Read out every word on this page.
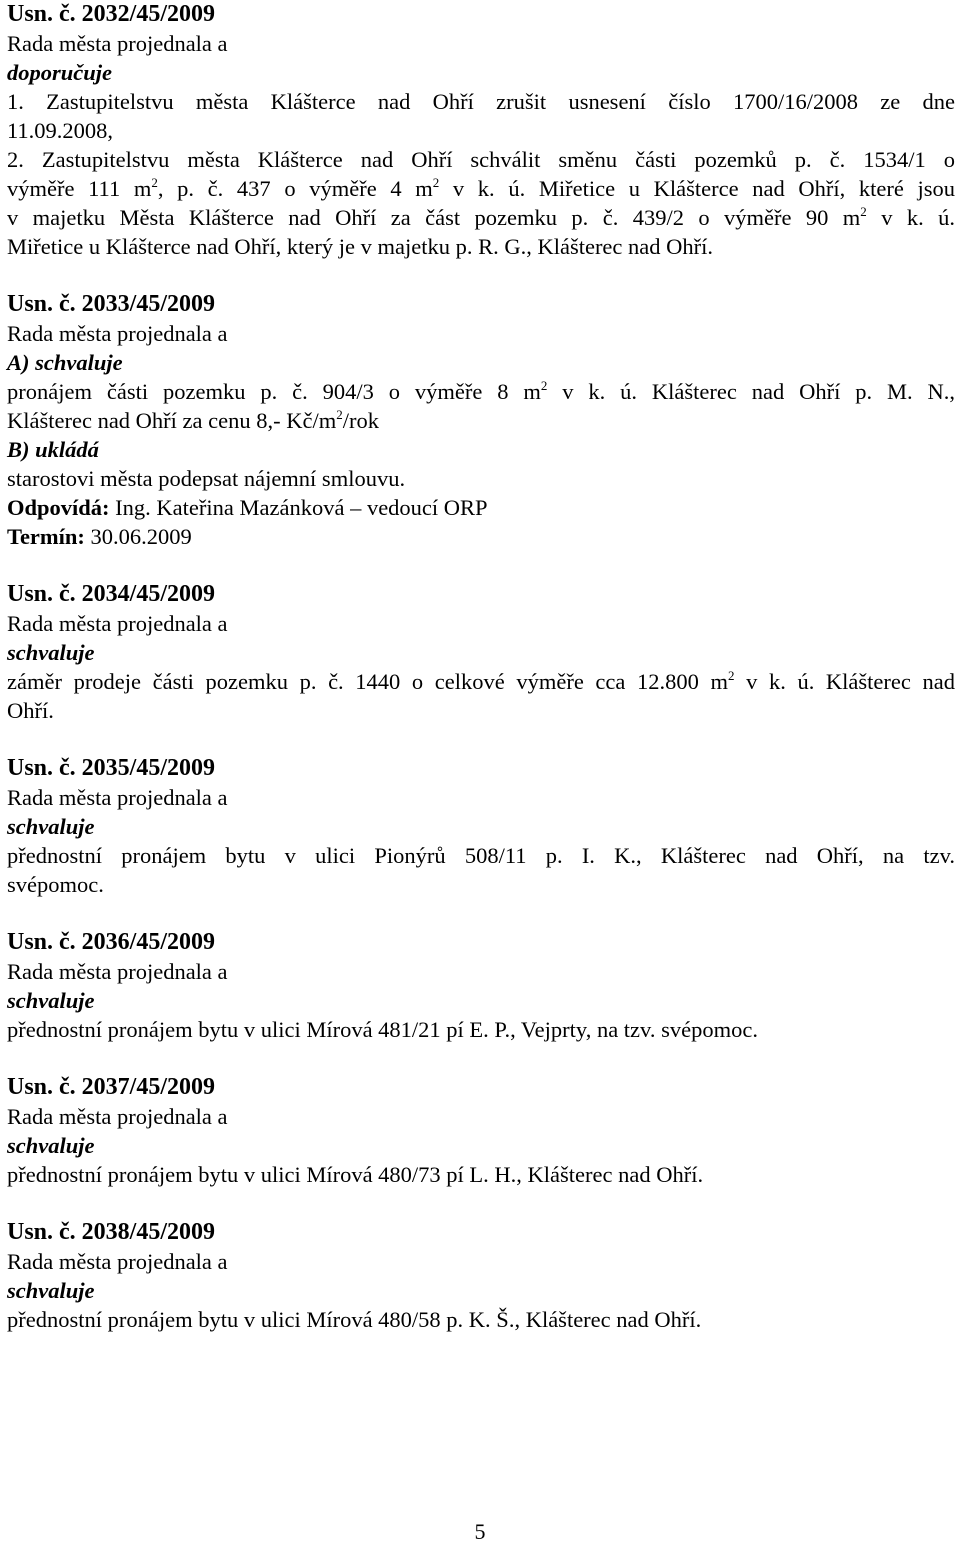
Usn. č. 2032/45/2009
Rada města projednala a
doporučuje
1. Zastupitelstvu města Klášterce nad Ohří zrušit usnesení číslo 1700/16/2008 ze dne
11.09.2008,
2. Zastupitelstvu města Klášterce nad Ohří schválit směnu části pozemků p. č. 1534/1 o
výměře 111 $m^2$, p. č. 437 o výměře 4 $m^2$ v k. ú. Miřetice u Klášterce nad Ohří, které jsou
v majetku Města Klášterce nad Ohří za část pozemku p. č. 439/2 o výměře 90 $m^2$ v k. ú.
Miřetice u Klášterce nad Ohří, který je v majetku p. R. G., Klášterec nad Ohří.
Usn. č. 2033/45/2009
Rada města projednala a
A) schvaluje
pronájem části pozemku p. č. 904/3 o výměře 8 $m^2$ v k. ú. Klášterec nad Ohří p. M. N.,
Klášterec nad Ohří za cenu 8,- $Kč/m^2$/rok
B) ukládá
starostovi města podepsat nájemní smlouvu.
Odpovídá: Ing. Kateřina Mazánková – vedoucí ORP
Termín: 30.06.2009
Usn. č. 2034/45/2009
Rada města projednala a
schvaluje
záměr prodeje části pozemku p. č. 1440 o celkové výměře cca 12.800 $m^2$ v k. ú. Klášterec nad
Ohří.
Usn. č. 2035/45/2009
Rada města projednala a
schvaluje
přednostní pronájem bytu v ulici Pionýrů 508/11 p. I. K., Klášterec nad Ohří, na tzv.
svépomoc.
Usn. č. 2036/45/2009
Rada města projednala a
schvaluje
přednostní pronájem bytu v ulici Mírová 481/21 pí E. P., Vejprty, na tzv. svépomoc.
Usn. č. 2037/45/2009
Rada města projednala a
schvaluje
přednostní pronájem bytu v ulici Mírová 480/73 pí L. H., Klášterec nad Ohří.
Usn. č. 2038/45/2009
Rada města projednala a
schvaluje
přednostní pronájem bytu v ulici Mírová 480/58 p. K. Š., Klášterec nad Ohří.
5
